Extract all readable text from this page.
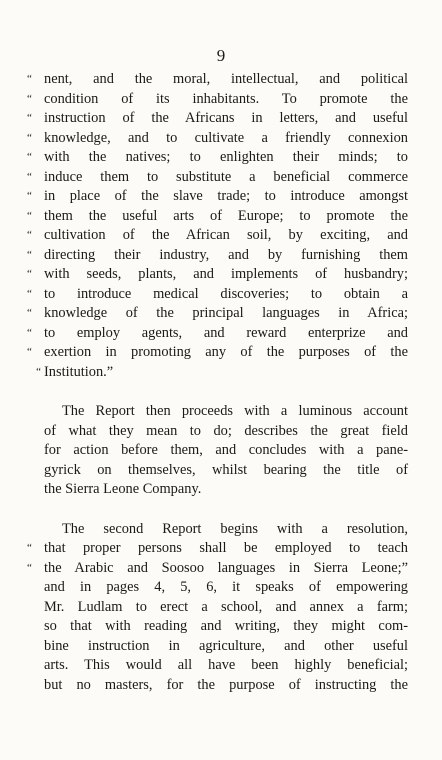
9
“ nent, and the moral, intellectual, and political
“ condition of its inhabitants. To promote the
“ instruction of the Africans in letters, and useful
“ knowledge, and to cultivate a friendly connexion
“ with the natives; to enlighten their minds; to
“ induce them to substitute a beneficial commerce
“ in place of the slave trade; to introduce amongst
“ them the useful arts of Europe; to promote the
“ cultivation of the African soil, by exciting, and
“ directing their industry, and by furnishing them
“ with seeds, plants, and implements of husbandry;
“ to introduce medical discoveries; to obtain a
“ knowledge of the principal languages in Africa;
“ to employ agents, and reward enterprize and
“ exertion in promoting any of the purposes of the
“ Institution.”
The Report then proceeds with a luminous account
of what they mean to do; describes the great field
for action before them, and concludes with a pane-
gyrick on themselves, whilst bearing the title of
the Sierra Leone Company.
The second Report begins with a resolution,
“ that proper persons shall be employed to teach
“ the Arabic and Soosoo languages in Sierra Leone;”
and in pages 4, 5, 6, it speaks of empowering
Mr. Ludlam to erect a school, and annex a farm;
so that with reading and writing, they might com-
bine instruction in agriculture, and other useful
arts. This would all have been highly beneficial;
but no masters, for the purpose of instructing the
